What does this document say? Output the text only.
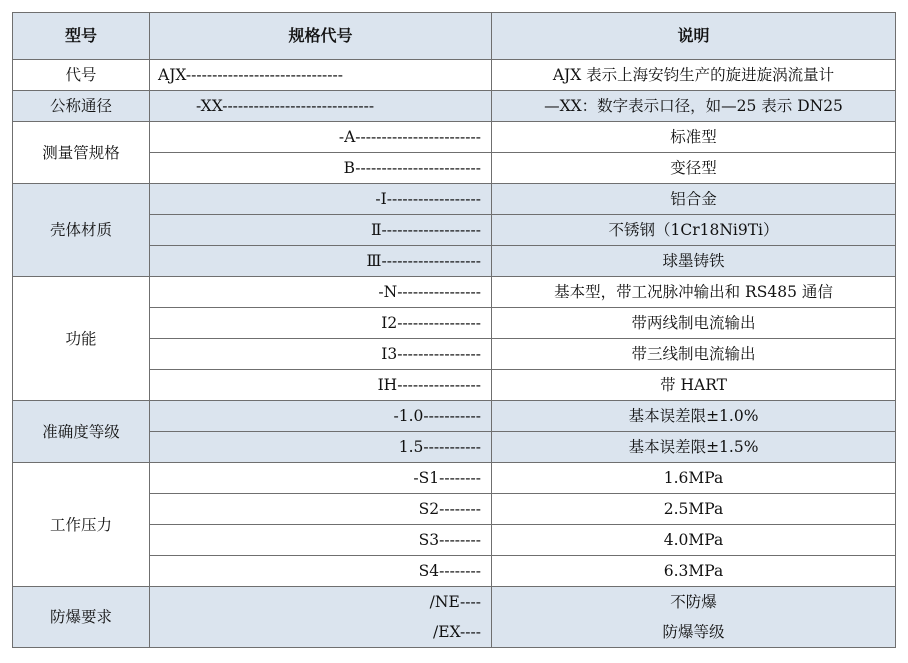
型号	规格代号	说明
代号	AJX------------------------------	AJX 表示上海安钧生产的旋进旋涡流量计
公称通径	-XX-----------------------------	—XX：数字表示口径，如—25 表示 DN25
测量管规格	-A------------------------	标准型
	B------------------------	变径型
壳体材质	-Ⅰ------------------	铝合金
	Ⅱ-------------------	不锈钢（1Cr18Ni9Ti）
	Ⅲ-------------------	球墨铸铁
功能	-N----------------	基本型，带工况脉冲输出和 RS485 通信
	I2----------------	带两线制电流输出
	I3----------------	带三线制电流输出
	IH----------------	带 HART
准确度等级	-1.0-----------	基本误差限±1.0%
	1.5-----------	基本误差限±1.5%
工作压力	-S1--------	1.6MPa
	S2--------	2.5MPa
	S3--------	4.0MPa
	S4--------	6.3MPa
防爆要求	/NE----	不防爆
	/EX----	防爆等级
